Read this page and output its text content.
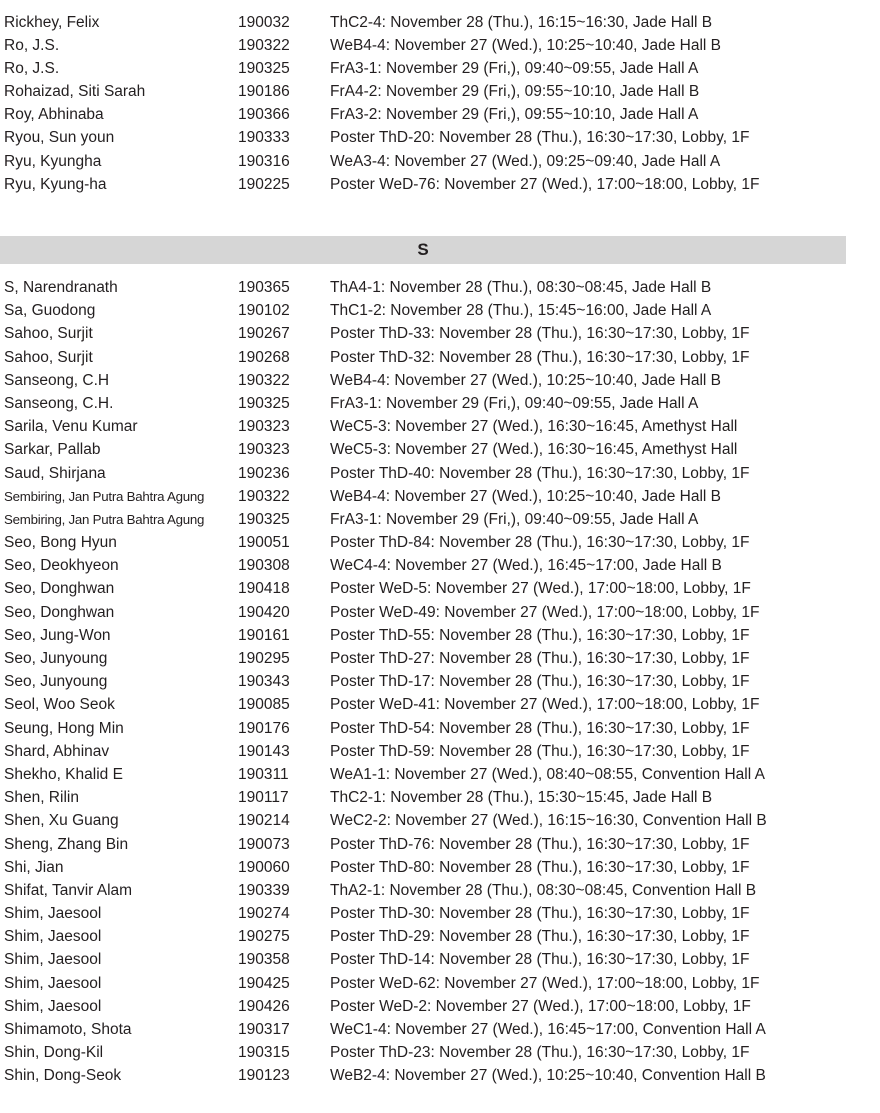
Rickhey, Felix	190032	ThC2-4: November 28 (Thu.), 16:15~16:30, Jade Hall B
Ro, J.S.	190322	WeB4-4: November 27 (Wed.), 10:25~10:40, Jade Hall B
Ro, J.S.	190325	FrA3-1: November 29 (Fri,), 09:40~09:55, Jade Hall A
Rohaizad, Siti Sarah	190186	FrA4-2: November 29 (Fri,), 09:55~10:10, Jade Hall B
Roy, Abhinaba	190366	FrA3-2: November 29 (Fri,), 09:55~10:10, Jade Hall A
Ryou, Sun youn	190333	Poster ThD-20: November 28 (Thu.), 16:30~17:30, Lobby, 1F
Ryu, Kyungha	190316	WeA3-4: November 27 (Wed.), 09:25~09:40, Jade Hall A
Ryu, Kyung-ha	190225	Poster WeD-76: November 27 (Wed.), 17:00~18:00, Lobby, 1F
S
S, Narendranath	190365	ThA4-1: November 28 (Thu.), 08:30~08:45, Jade Hall B
Sa, Guodong	190102	ThC1-2: November 28 (Thu.), 15:45~16:00, Jade Hall A
Sahoo, Surjit	190267	Poster ThD-33: November 28 (Thu.), 16:30~17:30, Lobby, 1F
Sahoo, Surjit	190268	Poster ThD-32: November 28 (Thu.), 16:30~17:30, Lobby, 1F
Sanseong, C.H	190322	WeB4-4: November 27 (Wed.), 10:25~10:40, Jade Hall B
Sanseong, C.H.	190325	FrA3-1: November 29 (Fri,), 09:40~09:55, Jade Hall A
Sarila, Venu Kumar	190323	WeC5-3: November 27 (Wed.), 16:30~16:45, Amethyst Hall
Sarkar, Pallab	190323	WeC5-3: November 27 (Wed.), 16:30~16:45, Amethyst Hall
Saud, Shirjana	190236	Poster ThD-40: November 28 (Thu.), 16:30~17:30, Lobby, 1F
Sembiring, Jan Putra Bahtra Agung 190322	WeB4-4: November 27 (Wed.), 10:25~10:40, Jade Hall B
Sembiring, Jan Putra Bahtra Agung 190325	FrA3-1: November 29 (Fri,), 09:40~09:55, Jade Hall A
Seo, Bong Hyun	190051	Poster ThD-84: November 28 (Thu.), 16:30~17:30, Lobby, 1F
Seo, Deokhyeon	190308	WeC4-4: November 27 (Wed.), 16:45~17:00, Jade Hall B
Seo, Donghwan	190418	Poster WeD-5: November 27 (Wed.), 17:00~18:00, Lobby, 1F
Seo, Donghwan	190420	Poster WeD-49: November 27 (Wed.), 17:00~18:00, Lobby, 1F
Seo, Jung-Won	190161	Poster ThD-55: November 28 (Thu.), 16:30~17:30, Lobby, 1F
Seo, Junyoung	190295	Poster ThD-27: November 28 (Thu.), 16:30~17:30, Lobby, 1F
Seo, Junyoung	190343	Poster ThD-17: November 28 (Thu.), 16:30~17:30, Lobby, 1F
Seol, Woo Seok	190085	Poster WeD-41: November 27 (Wed.), 17:00~18:00, Lobby, 1F
Seung, Hong Min	190176	Poster ThD-54: November 28 (Thu.), 16:30~17:30, Lobby, 1F
Shard, Abhinav	190143	Poster ThD-59: November 28 (Thu.), 16:30~17:30, Lobby, 1F
Shekho, Khalid E	190311	WeA1-1: November 27 (Wed.), 08:40~08:55, Convention Hall A
Shen, Rilin	190117	ThC2-1: November 28 (Thu.), 15:30~15:45, Jade Hall B
Shen, Xu Guang	190214	WeC2-2: November 27 (Wed.), 16:15~16:30, Convention Hall B
Sheng, Zhang Bin	190073	Poster ThD-76: November 28 (Thu.), 16:30~17:30, Lobby, 1F
Shi, Jian	190060	Poster ThD-80: November 28 (Thu.), 16:30~17:30, Lobby, 1F
Shifat, Tanvir Alam	190339	ThA2-1: November 28 (Thu.), 08:30~08:45, Convention Hall B
Shim, Jaesool	190274	Poster ThD-30: November 28 (Thu.), 16:30~17:30, Lobby, 1F
Shim, Jaesool	190275	Poster ThD-29: November 28 (Thu.), 16:30~17:30, Lobby, 1F
Shim, Jaesool	190358	Poster ThD-14: November 28 (Thu.), 16:30~17:30, Lobby, 1F
Shim, Jaesool	190425	Poster WeD-62: November 27 (Wed.), 17:00~18:00, Lobby, 1F
Shim, Jaesool	190426	Poster WeD-2: November 27 (Wed.), 17:00~18:00, Lobby, 1F
Shimamoto, Shota	190317	WeC1-4: November 27 (Wed.), 16:45~17:00, Convention Hall A
Shin, Dong-Kil	190315	Poster ThD-23: November 28 (Thu.), 16:30~17:30, Lobby, 1F
Shin, Dong-Seok	190123	WeB2-4: November 27 (Wed.), 10:25~10:40, Convention Hall B
